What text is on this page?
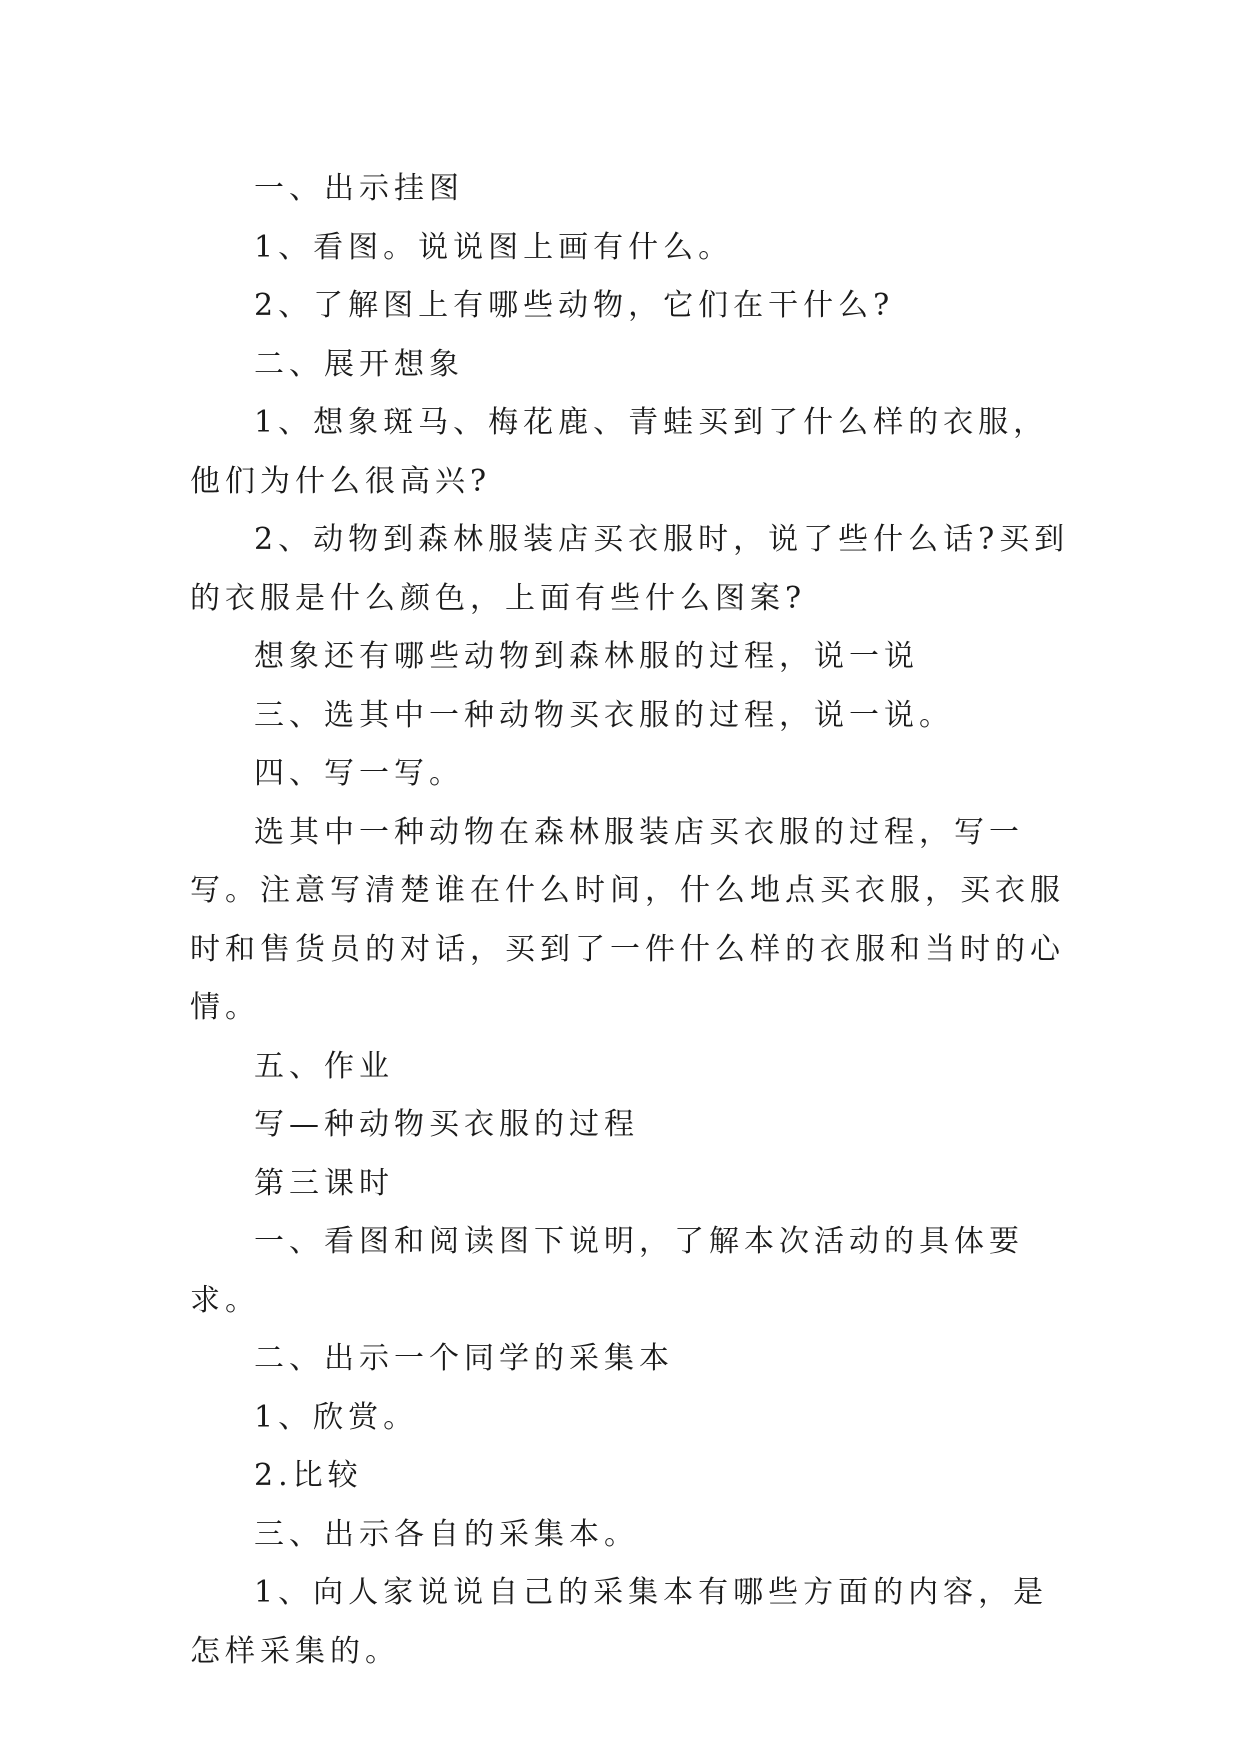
一、出示挂图

1、看图。说说图上画有什么。

2、了解图上有哪些动物，它们在干什么?

二、展开想象

1、想象斑马、梅花鹿、青蛙买到了什么样的衣服，他们为什么很高兴?

2、动物到森林服装店买衣服时，说了些什么话?买到的衣服是什么颜色，上面有些什么图案?

想象还有哪些动物到森林服的过程，说一说

三、选其中一种动物买衣服的过程，说一说。

四、写一写。

选其中一种动物在森林服装店买衣服的过程，写一写。注意写清楚谁在什么时间，什么地点买衣服，买衣服时和售货员的对话，买到了一件什么样的衣服和当时的心情。

五、作业

写—种动物买衣服的过程

第三课时

一、看图和阅读图下说明，了解本次活动的具体要求。

二、出示一个同学的采集本

1、欣赏。

2.比较

三、出示各自的采集本。

1、向人家说说自己的采集本有哪些方面的内容，是怎样采集的。
